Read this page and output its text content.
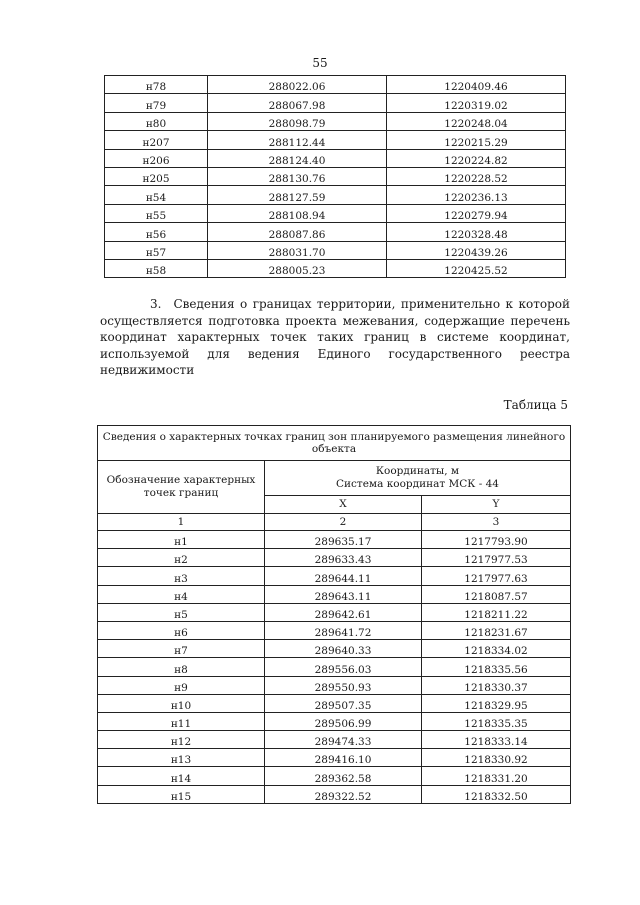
55
н78	288022.06	1220409.46
н79	288067.98	1220319.02
н80	288098.79	1220248.04
н207	288112.44	1220215.29
н206	288124.40	1220224.82
н205	288130.76	1220228.52
н54	288127.59	1220236.13
н55	288108.94	1220279.94
н56	288087.86	1220328.48
н57	288031.70	1220439.26
н58	288005.23	1220425.52

3. Сведения о границах территории, применительно к которой осуществляется подготовка проекта межевания, содержащие перечень координат характерных точек таких границ в системе координат, используемой для ведения Единого государственного реестра недвижимости

Таблица 5
Сведения о характерных точках границ зон планируемого размещения линейного объекта		
Обозначение характерных точек границ	Координаты, м
Система координат МСК - 44	

	X	Y
1	2	3
н1	289635.17	1217793.90
н2	289633.43	1217977.53
н3	289644.11	1217977.63
н4	289643.11	1218087.57
н5	289642.61	1218211.22
н6	289641.72	1218231.67
н7	289640.33	1218334.02
н8	289556.03	1218335.56
н9	289550.93	1218330.37
н10	289507.35	1218329.95
н11	289506.99	1218335.35
н12	289474.33	1218333.14
н13	289416.10	1218330.92
н14	289362.58	1218331.20
н15	289322.52	1218332.50
